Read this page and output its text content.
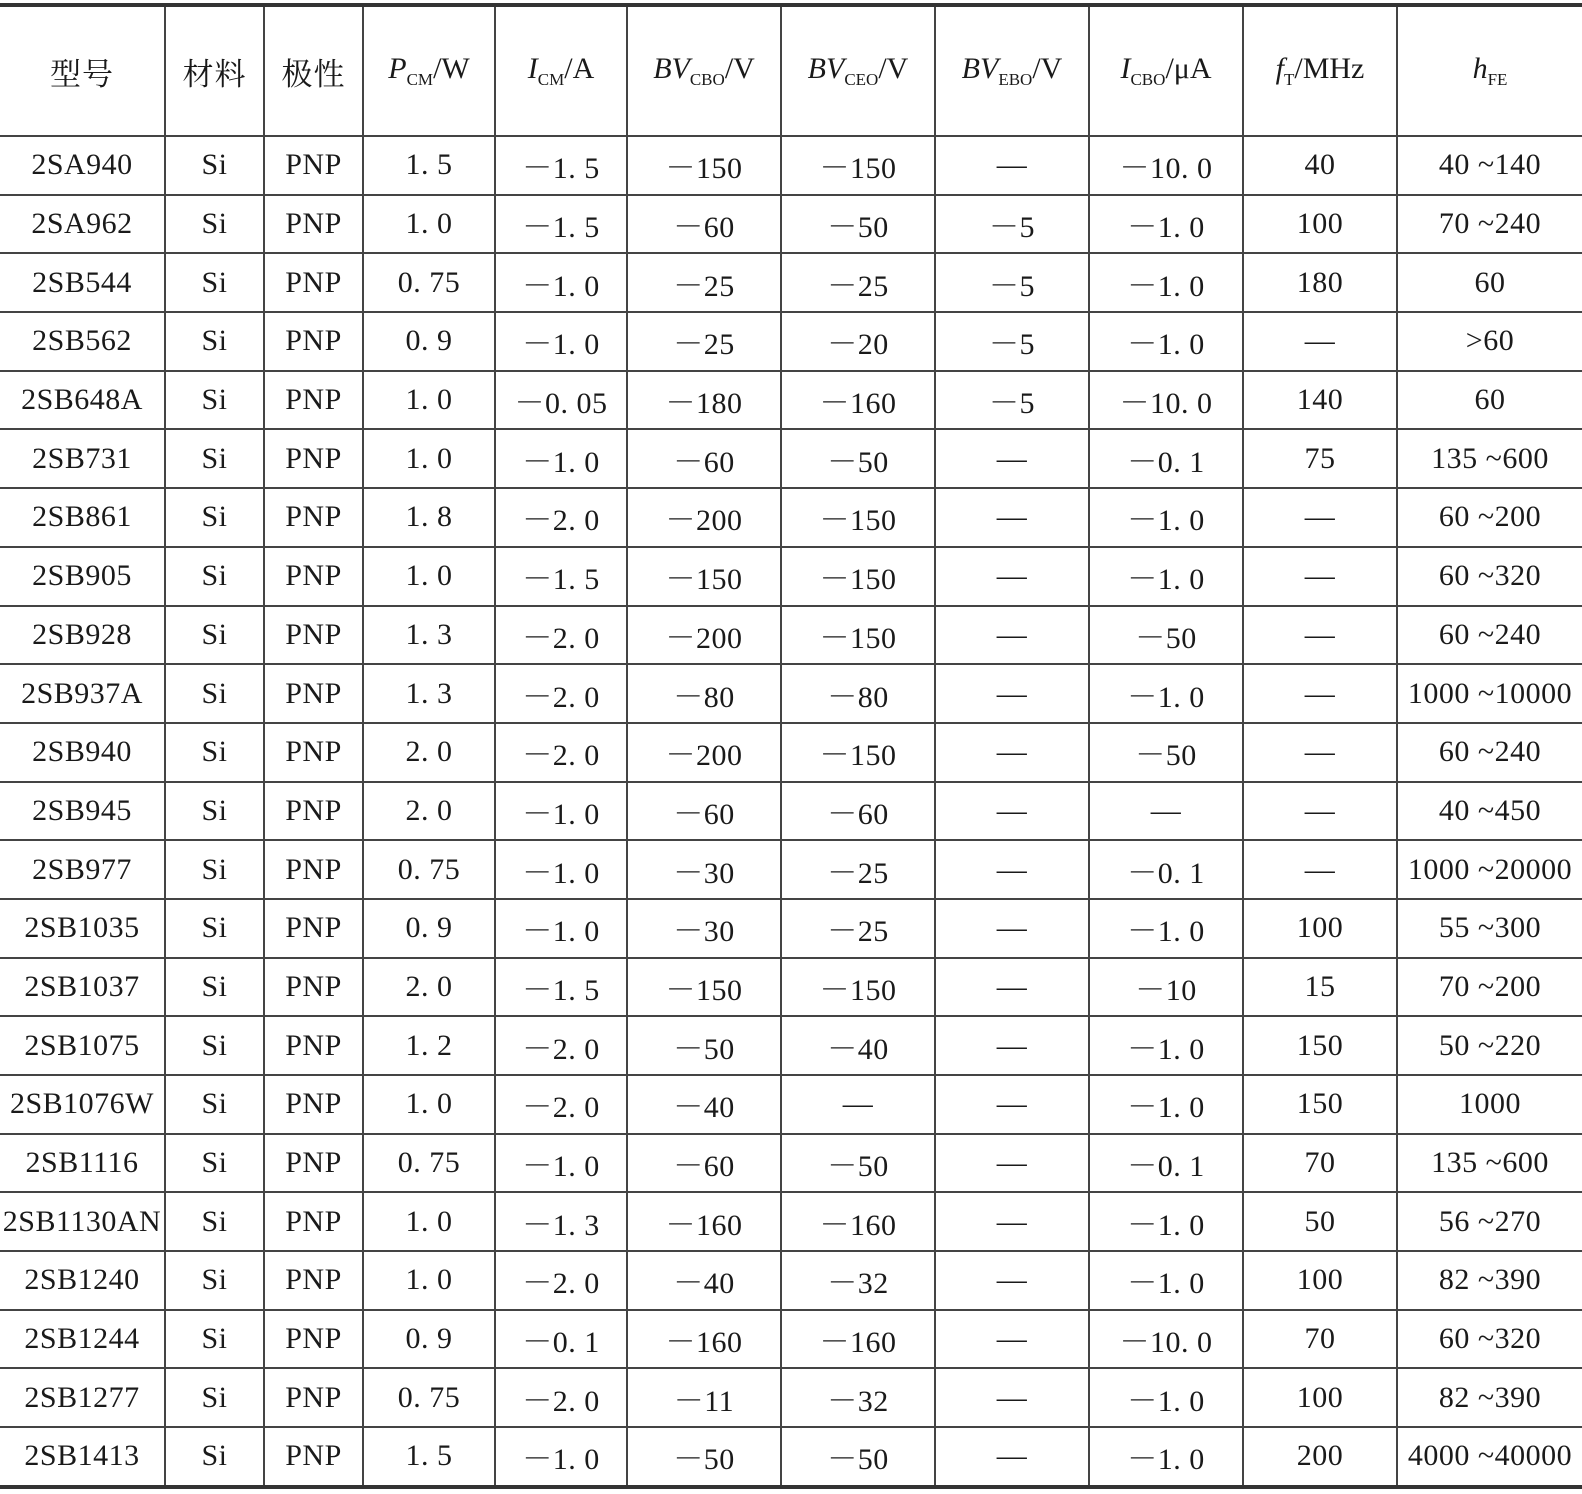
型号	材料	极性	$P_{CM}/W$	$I_{CM}/A$	$BV_{CBO}/V$	$BV_{CEO}/V$	$BV_{EBO}/V$	$I_{CBO}/\mu A$	$f_T$/MHz	$h_{FE}$
2SA940	Si	PNP	1. 5	－1. 5	－150	－150	—	－10. 0	40	40 ~140
2SA962	Si	PNP	1. 0	－1. 5	－60	－50	－5	－1. 0	100	70 ~240
2SB544	Si	PNP	0. 75	－1. 0	－25	－25	－5	－1. 0	180	60
2SB562	Si	PNP	0. 9	－1. 0	－25	－20	－5	－1. 0	—	>60
2SB648A	Si	PNP	1. 0	－0. 05	－180	－160	－5	－10. 0	140	60
2SB731	Si	PNP	1. 0	－1. 0	－60	－50	—	－0. 1	75	135 ~600
2SB861	Si	PNP	1. 8	－2. 0	－200	－150	—	－1. 0	—	60 ~200
2SB905	Si	PNP	1. 0	－1. 5	－150	－150	—	－1. 0	—	60 ~320
2SB928	Si	PNP	1. 3	－2. 0	－200	－150	—	－50	—	60 ~240
2SB937A	Si	PNP	1. 3	－2. 0	－80	－80	—	－1. 0	—	1000 ~10000
2SB940	Si	PNP	2. 0	－2. 0	－200	－150	—	－50	—	60 ~240
2SB945	Si	PNP	2. 0	－1. 0	－60	－60	—	—	—	40 ~450
2SB977	Si	PNP	0. 75	－1. 0	－30	－25	—	－0. 1	—	1000 ~20000
2SB1035	Si	PNP	0. 9	－1. 0	－30	－25	—	－1. 0	100	55 ~300
2SB1037	Si	PNP	2. 0	－1. 5	－150	－150	—	－10	15	70 ~200
2SB1075	Si	PNP	1. 2	－2. 0	－50	－40	—	－1. 0	150	50 ~220
2SB1076W	Si	PNP	1. 0	－2. 0	－40	—	—	－1. 0	150	1000
2SB1116	Si	PNP	0. 75	－1. 0	－60	－50	—	－0. 1	70	135 ~600
2SB1130AN	Si	PNP	1. 0	－1. 3	－160	－160	—	－1. 0	50	56 ~270
2SB1240	Si	PNP	1. 0	－2. 0	－40	－32	—	－1. 0	100	82 ~390
2SB1244	Si	PNP	0. 9	－0. 1	－160	－160	—	－10. 0	70	60 ~320
2SB1277	Si	PNP	0. 75	－2. 0	－11	－32	—	－1. 0	100	82 ~390
2SB1413	Si	PNP	1. 5	－1. 0	－50	－50	—	－1. 0	200	4000 ~40000
